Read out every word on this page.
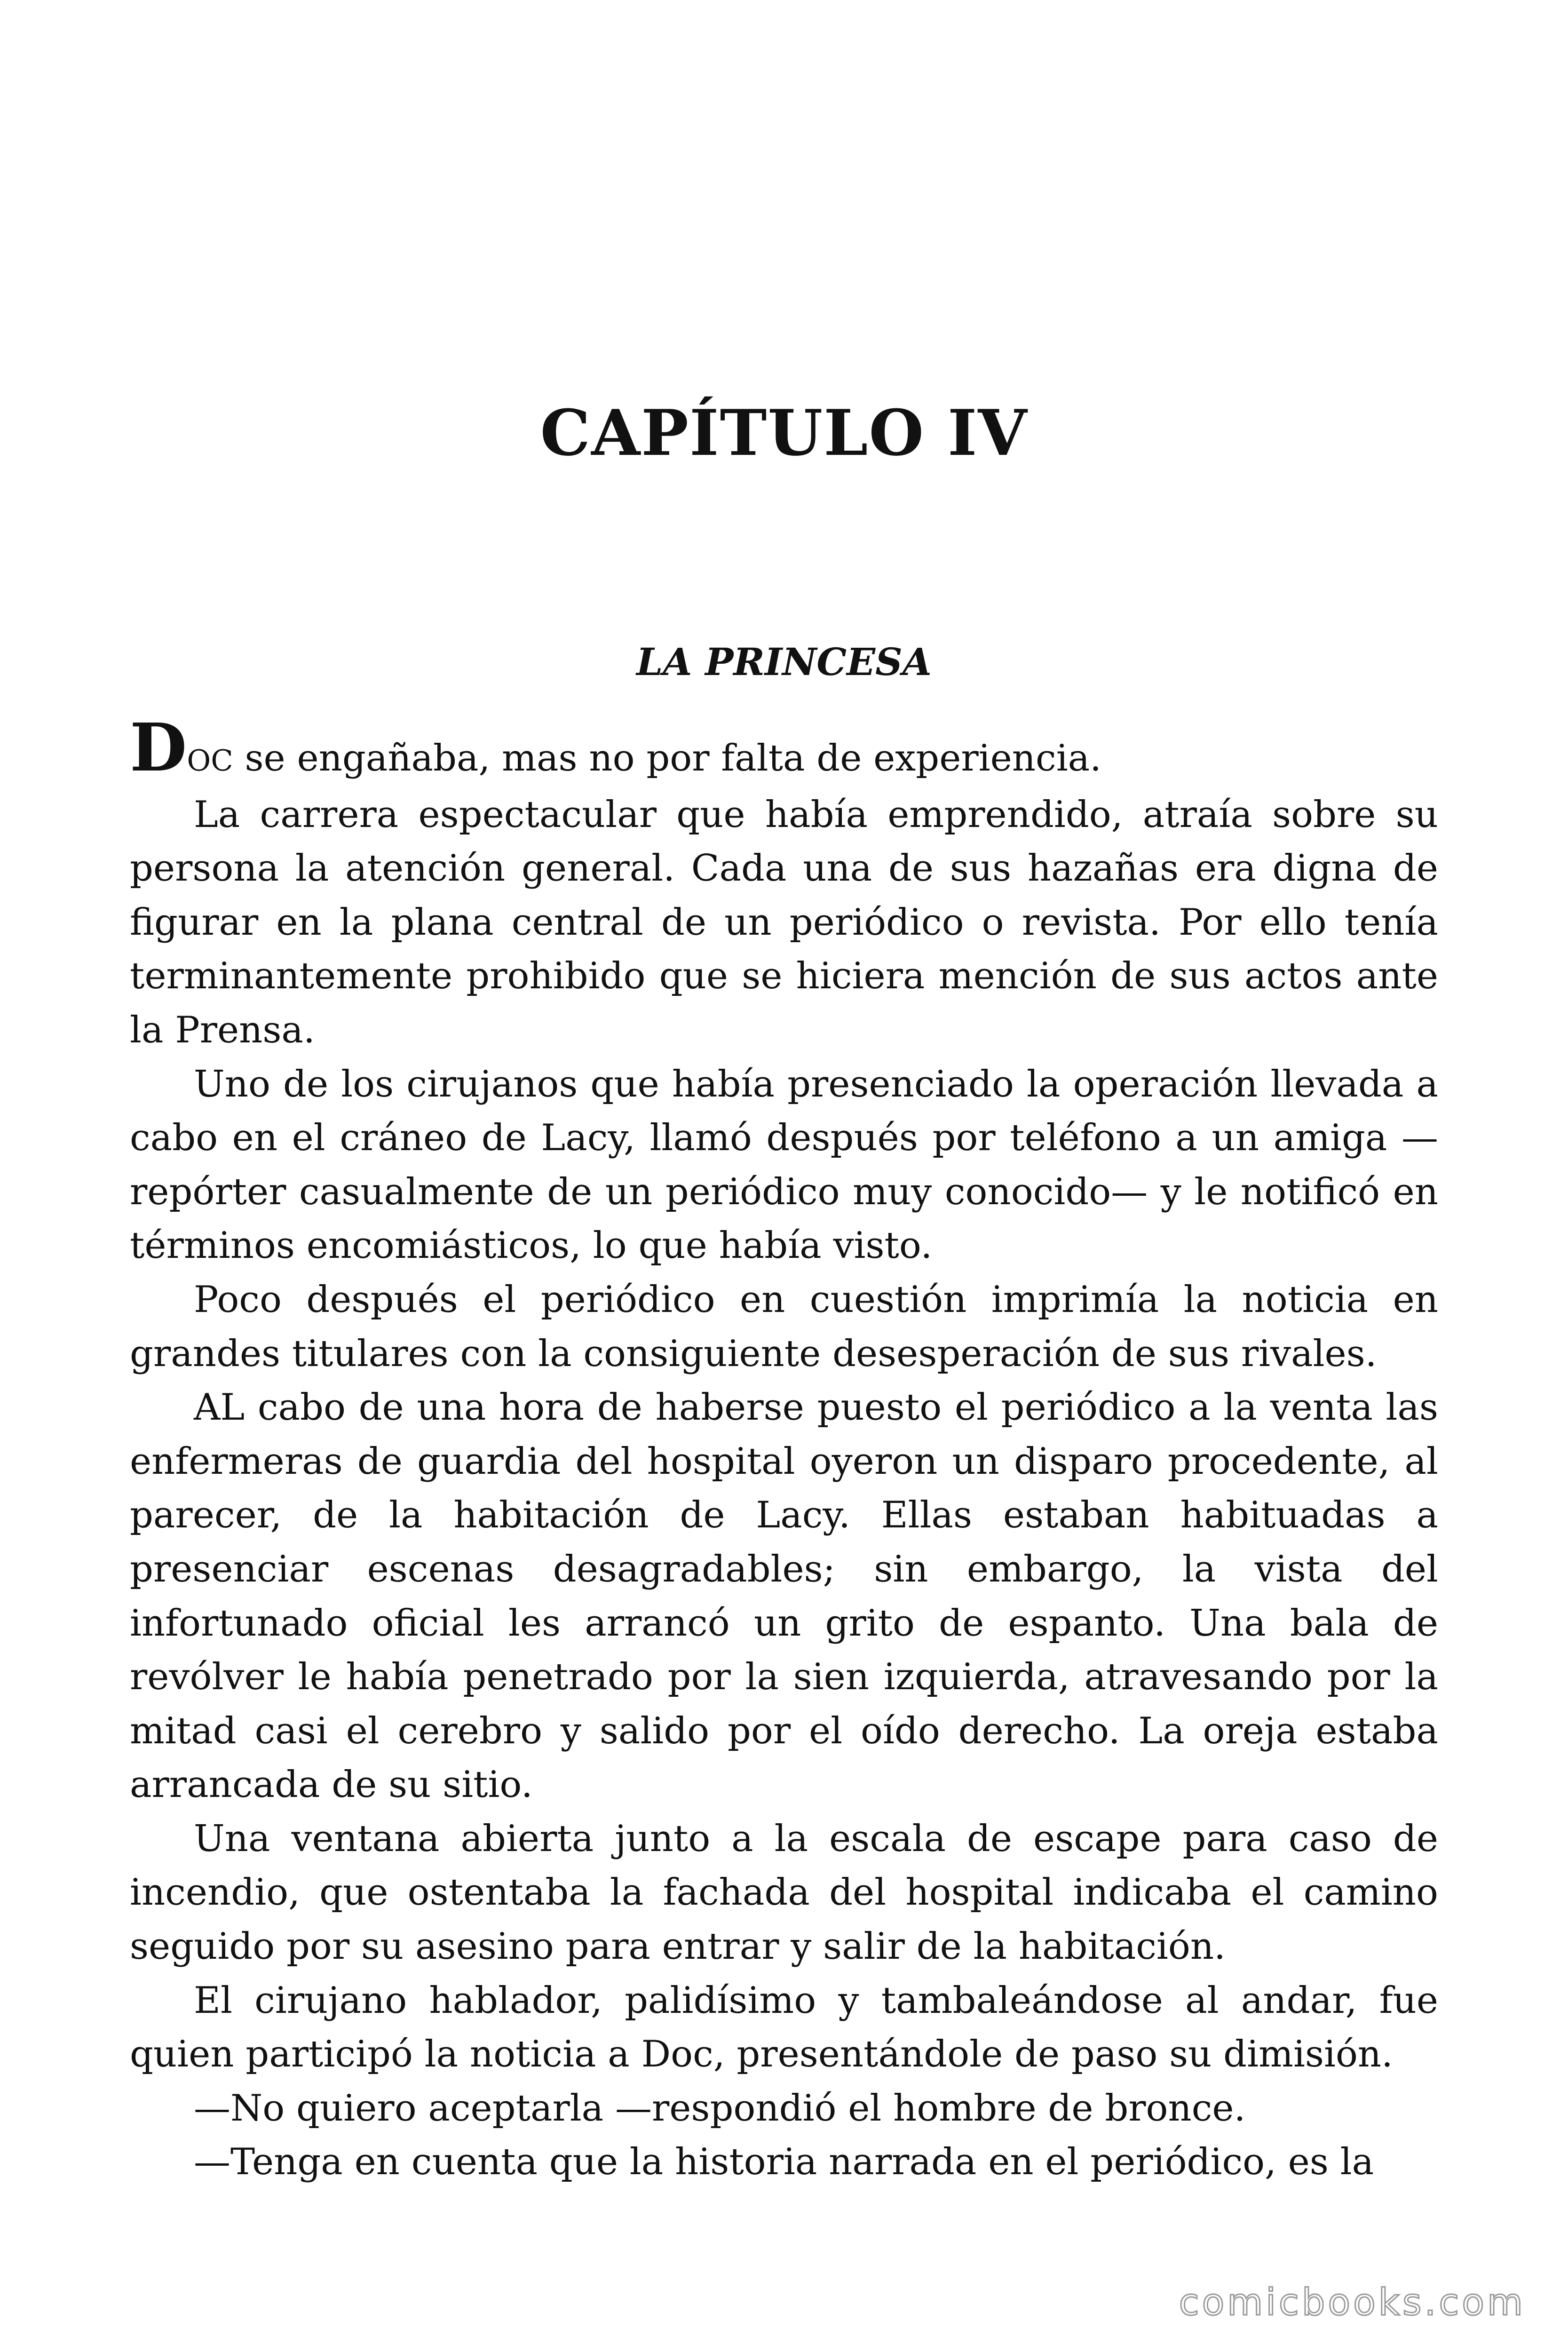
CAPÍTULO IV
LA PRINCESA

DOC se engañaba, mas no por falta de experiencia.

La carrera espectacular que había emprendido, atraía sobre su persona la atención general. Cada una de sus hazañas era digna de figurar en la plana central de un periódico o revista. Por ello tenía terminantemente prohibido que se hiciera mención de sus actos ante la Prensa.

Uno de los cirujanos que había presenciado la operación llevada a cabo en el cráneo de Lacy, llamó después por teléfono a un amiga —repórter casualmente de un periódico muy conocido— y le notificó en términos encomiásticos, lo que había visto.

Poco después el periódico en cuestión imprimía la noticia en grandes titulares con la consiguiente desesperación de sus rivales.

AL cabo de una hora de haberse puesto el periódico a la venta las enfermeras de guardia del hospital oyeron un disparo procedente, al parecer, de la habitación de Lacy. Ellas estaban habituadas a presenciar escenas desagradables; sin embargo, la vista del infortunado oficial les arrancó un grito de espanto. Una bala de revólver le había penetrado por la sien izquierda, atravesando por la mitad casi el cerebro y salido por el oído derecho. La oreja estaba arrancada de su sitio.

Una ventana abierta junto a la escala de escape para caso de incendio, que ostentaba la fachada del hospital indicaba el camino seguido por su asesino para entrar y salir de la habitación.

El cirujano hablador, palidísimo y tambaleándose al andar, fue quien participó la noticia a Doc, presentándole de paso su dimisión.

—No quiero aceptarla —respondió el hombre de bronce.

—Tenga en cuenta que la historia narrada en el periódico, es la

comicbooks.com
